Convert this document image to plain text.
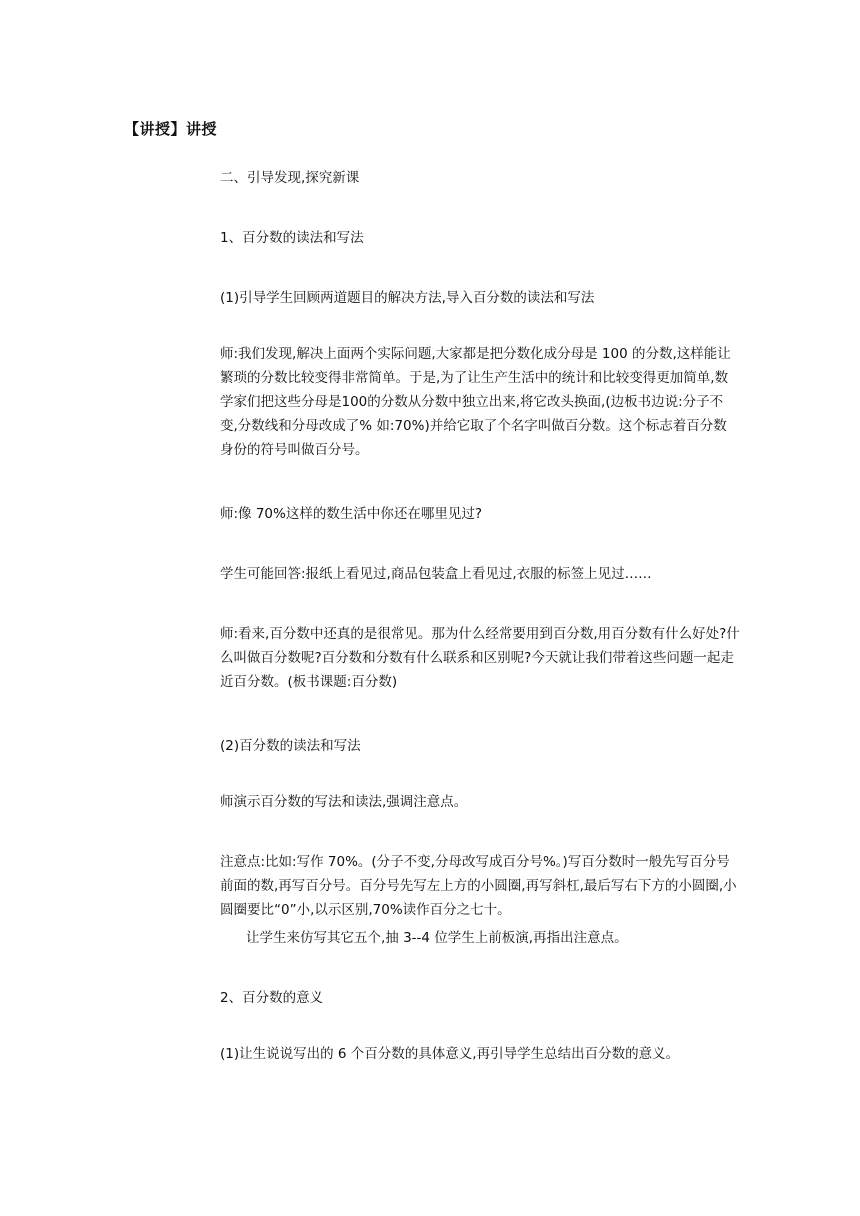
【讲授】讲授

二、引导发现,探究新课

1、百分数的读法和写法

(1)引导学生回顾两道题目的解决方法,导入百分数的读法和写法

师:我们发现,解决上面两个实际问题,大家都是把分数化成分母是 100 的分数,这样能让繁琐的分数比较变得非常简单。于是,为了让生产生活中的统计和比较变得更加简单,数学家们把这些分母是100的分数从分数中独立出来,将它改头换面,(边板书边说:分子不变,分数线和分母改成了% 如:70%)并给它取了个名字叫做百分数。这个标志着百分数身份的符号叫做百分号。

师:像 70%这样的数生活中你还在哪里见过?

学生可能回答:报纸上看见过,商品包装盒上看见过,衣服的标签上见过……

师:看来,百分数中还真的是很常见。那为什么经常要用到百分数,用百分数有什么好处?什么叫做百分数呢?百分数和分数有什么联系和区别呢?今天就让我们带着这些问题一起走近百分数。(板书课题:百分数)

(2)百分数的读法和写法

师演示百分数的写法和读法,强调注意点。

注意点:比如:写作 70%。(分子不变,分母改写成百分号%。)写百分数时一般先写百分号前面的数,再写百分号。百分号先写左上方的小圆圈,再写斜杠,最后写右下方的小圆圈,小圆圈要比“0”小,以示区别,70%读作百分之七十。

让学生来仿写其它五个,抽 3--4 位学生上前板演,再指出注意点。

2、百分数的意义

(1)让生说说写出的 6 个百分数的具体意义,再引导学生总结出百分数的意义。
